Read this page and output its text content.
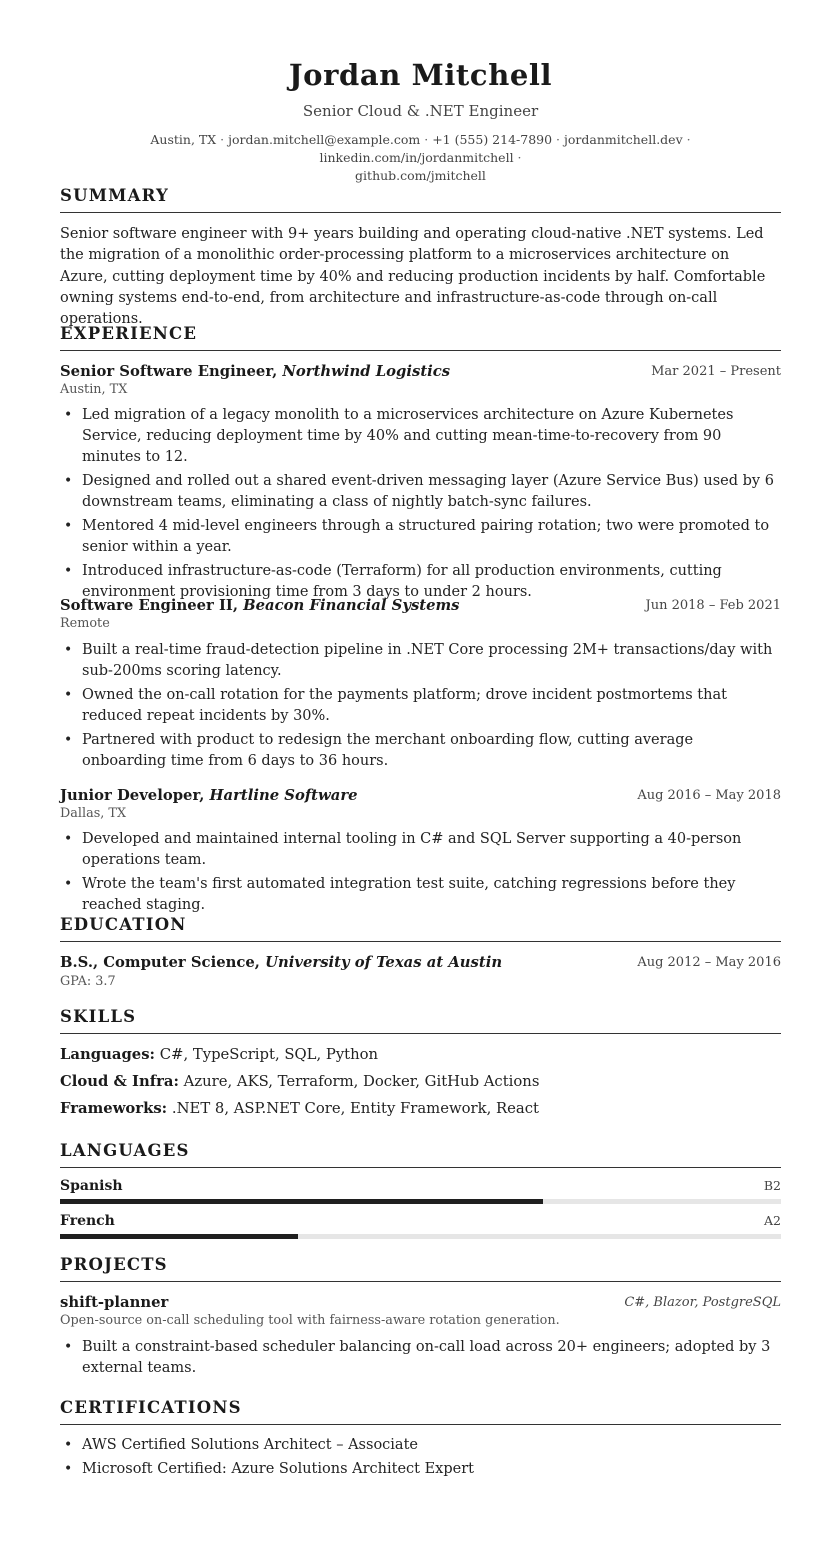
Jordan Mitchell
Senior Cloud & .NET Engineer
Austin, TX · jordan.mitchell@example.com · +1 (555) 214-7890 · jordanmitchell.dev · linkedin.com/in/jordanmitchell ·
github.com/jmitchell
SUMMARY
Senior software engineer with 9+ years building and operating cloud-native .NET systems. Led the migration of a monolithic order-processing platform to a microservices architecture on Azure, cutting deployment time by 40% and reducing production incidents by half. Comfortable owning systems end-to-end, from architecture and infrastructure-as-code through on-call operations.
EXPERIENCE
Senior Software Engineer, Northwind Logistics	Mar 2021 – Present
Austin, TX
• Led migration of a legacy monolith to a microservices architecture on Azure Kubernetes Service, reducing deployment time by 40% and cutting mean-time-to-recovery from 90 minutes to 12.
• Designed and rolled out a shared event-driven messaging layer (Azure Service Bus) used by 6 downstream teams, eliminating a class of nightly batch-sync failures.
• Mentored 4 mid-level engineers through a structured pairing rotation; two were promoted to senior within a year.
• Introduced infrastructure-as-code (Terraform) for all production environments, cutting environment provisioning time from 3 days to under 2 hours.
Software Engineer II, Beacon Financial Systems	Jun 2018 – Feb 2021
Remote
• Built a real-time fraud-detection pipeline in .NET Core processing 2M+ transactions/day with sub-200ms scoring latency.
• Owned the on-call rotation for the payments platform; drove incident postmortems that reduced repeat incidents by 30%.
• Partnered with product to redesign the merchant onboarding flow, cutting average onboarding time from 6 days to 36 hours.
Junior Developer, Hartline Software	Aug 2016 – May 2018
Dallas, TX
• Developed and maintained internal tooling in C# and SQL Server supporting a 40-person operations team.
• Wrote the team's first automated integration test suite, catching regressions before they reached staging.
EDUCATION
B.S., Computer Science, University of Texas at Austin	Aug 2012 – May 2016
GPA: 3.7
SKILLS
Languages: C#, TypeScript, SQL, Python
Cloud & Infra: Azure, AKS, Terraform, Docker, GitHub Actions
Frameworks: .NET 8, ASP.NET Core, Entity Framework, React
LANGUAGES
Spanish	B2
French	A2
PROJECTS
shift-planner	C#, Blazor, PostgreSQL
Open-source on-call scheduling tool with fairness-aware rotation generation.
• Built a constraint-based scheduler balancing on-call load across 20+ engineers; adopted by 3 external teams.
CERTIFICATIONS
• AWS Certified Solutions Architect – Associate
• Microsoft Certified: Azure Solutions Architect Expert
